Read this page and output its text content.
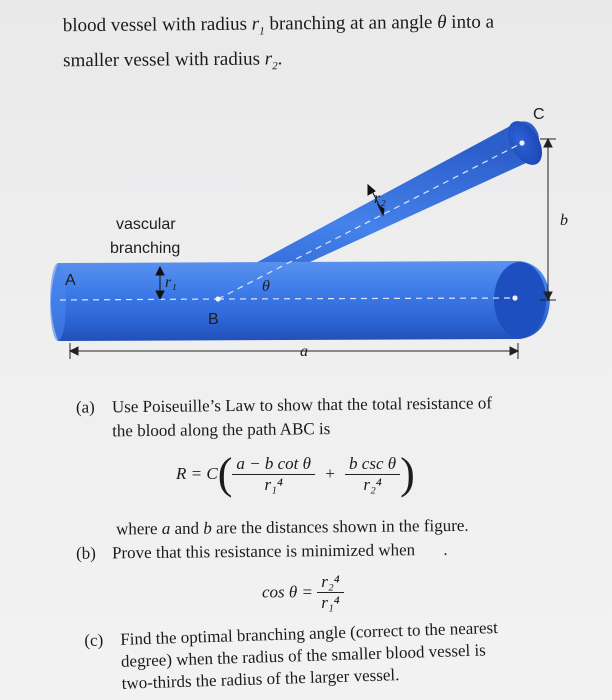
blood vessel with radius $r_1$ branching at an angle θ into a
smaller vessel with radius $r_2$.
C
r₂
b
vascular
branching
A	r₁	θ
B
a
(a) Use Poiseuille’s Law to show that the total resistance of
the blood along the path ABC is
$R = C( \frac{\text{a − b cot θ}}{\text{r₁⁴}} + \frac{\text{b csc θ}}{\text{r₂⁴}}$ )
where a and b are the distances shown in the figure.
(b) Prove that this resistance is minimized when .
$\cos \theta = \frac{\text{r₂⁴}}{\text{r₁⁴}}$
(c) Find the optimal branching angle (correct to the nearest
degree) when the radius of the smaller blood vessel is
two-thirds the radius of the larger vessel.
